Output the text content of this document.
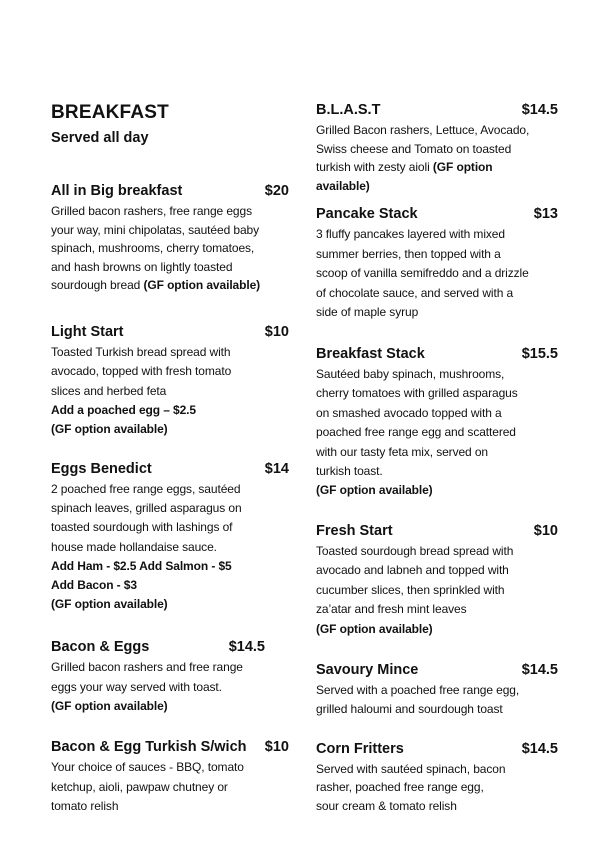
BREAKFAST
Served all day
All in Big breakfast	$20
Grilled bacon rashers, free range eggs
your way, mini chipolatas, sautéed baby
spinach, mushrooms, cherry tomatoes,
and hash browns on lightly toasted
sourdough bread (GF option available)
Light Start	$10
Toasted Turkish bread spread with
avocado, topped with fresh tomato
slices and herbed feta
Add a poached egg – $2.5
(GF option available)
Eggs Benedict	$14
2 poached free range eggs, sautéed
spinach leaves, grilled asparagus on
toasted sourdough with lashings of
house made hollandaise sauce.
Add Ham - $2.5 Add Salmon - $5
Add Bacon - $3
(GF option available)
Bacon & Eggs	$14.5
Grilled bacon rashers and free range
eggs your way served with toast.
(GF option available)
Bacon & Egg Turkish S/wich $10
Your choice of sauces - BBQ, tomato
ketchup, aioli, pawpaw chutney or
tomato relish
B.L.A.S.T	$14.5
Grilled Bacon rashers, Lettuce, Avocado,
Swiss cheese and Tomato on toasted
turkish with zesty aioli (GF option
available)
Pancake Stack	$13
3 fluffy pancakes layered with mixed
summer berries, then topped with a
scoop of vanilla semifreddo and a drizzle
of chocolate sauce, and served with a
side of maple syrup
Breakfast Stack	$15.5
Sautéed baby spinach, mushrooms,
cherry tomatoes with grilled asparagus
on smashed avocado topped with a
poached free range egg and scattered
with our tasty feta mix, served on
turkish toast.
(GF option available)
Fresh Start	$10
Toasted sourdough bread spread with
avocado and labneh and topped with
cucumber slices, then sprinkled with
za’atar and fresh mint leaves
(GF option available)
Savoury Mince	$14.5
Served with a poached free range egg,
grilled haloumi and sourdough toast
Corn Fritters	$14.5
Served with sautéed spinach, bacon
rasher, poached free range egg,
sour cream & tomato relish
